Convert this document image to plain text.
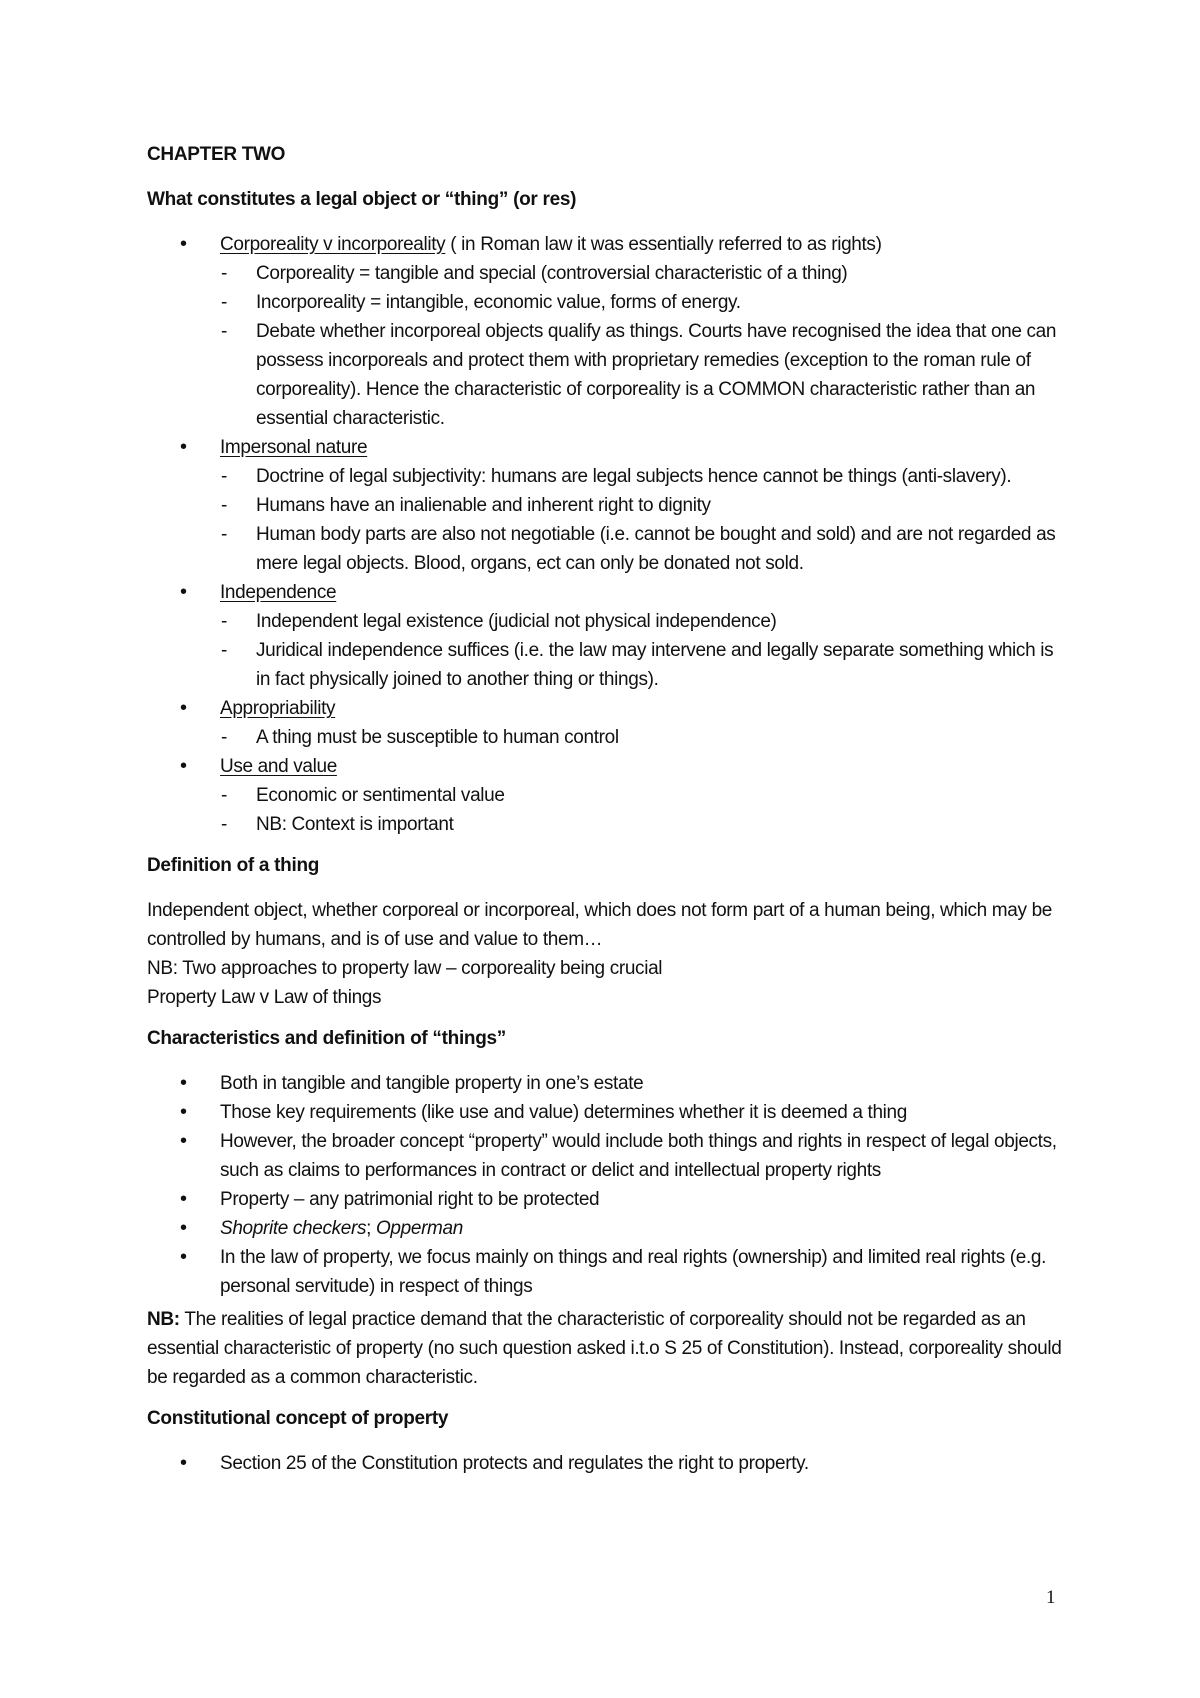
CHAPTER TWO
What constitutes a legal object or “thing” (or res)
• Corporeality v incorporeality ( in Roman law it was essentially referred to as rights)
- Corporeality = tangible and special (controversial characteristic of a thing)
- Incorporeality = intangible, economic value, forms of energy.
- Debate whether incorporeal objects qualify as things. Courts have recognised the idea that one can possess incorporeals and protect them with proprietary remedies (exception to the roman rule of corporeality). Hence the characteristic of corporeality is a COMMON characteristic rather than an essential characteristic.
• Impersonal nature
- Doctrine of legal subjectivity: humans are legal subjects hence cannot be things (anti-slavery).
- Humans have an inalienable and inherent right to dignity
- Human body parts are also not negotiable (i.e. cannot be bought and sold) and are not regarded as mere legal objects. Blood, organs, ect can only be donated not sold.
• Independence
- Independent legal existence (judicial not physical independence)
- Juridical independence suffices (i.e. the law may intervene and legally separate something which is in fact physically joined to another thing or things).
• Appropriability
- A thing must be susceptible to human control
• Use and value
- Economic or sentimental value
- NB: Context is important
Definition of a thing

Independent object, whether corporeal or incorporeal, which does not form part of a human being, which may be controlled by humans, and is of use and value to them…

NB: Two approaches to property law – corporeality being crucial

Property Law v Law of things

Characteristics and definition of “things”
• Both in tangible and tangible property in one’s estate
• Those key requirements (like use and value) determines whether it is deemed a thing
• However, the broader concept “property” would include both things and rights in respect of legal objects, such as claims to performances in contract or delict and intellectual property rights
• Property – any patrimonial right to be protected
• Shoprite checkers; Opperman
• In the law of property, we focus mainly on things and real rights (ownership) and limited real rights (e.g. personal servitude) in respect of things

NB: The realities of legal practice demand that the characteristic of corporeality should not be regarded as an essential characteristic of property (no such question asked i.t.o S 25 of Constitution). Instead, corporeality should be regarded as a common characteristic.

Constitutional concept of property
• Section 25 of the Constitution protects and regulates the right to property.
1
